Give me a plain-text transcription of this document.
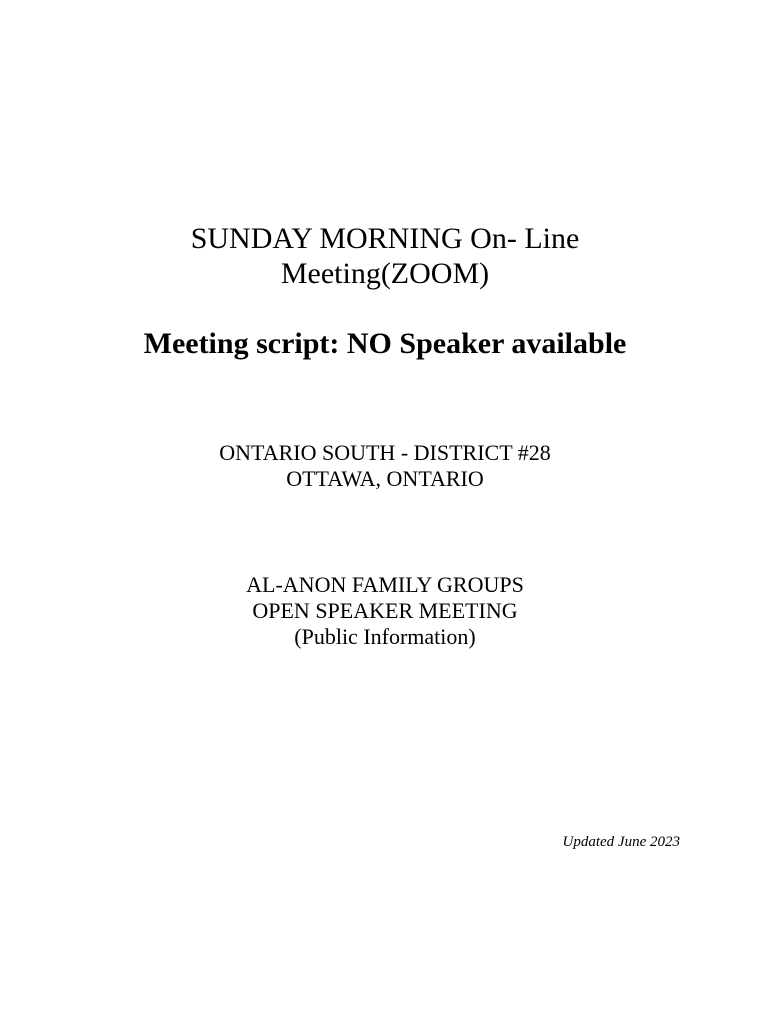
SUNDAY MORNING On- Line
Meeting(ZOOM)
Meeting script: NO Speaker available
ONTARIO SOUTH - DISTRICT #28
OTTAWA, ONTARIO
AL-ANON FAMILY GROUPS
OPEN SPEAKER MEETING
(Public Information)
Updated June 2023
